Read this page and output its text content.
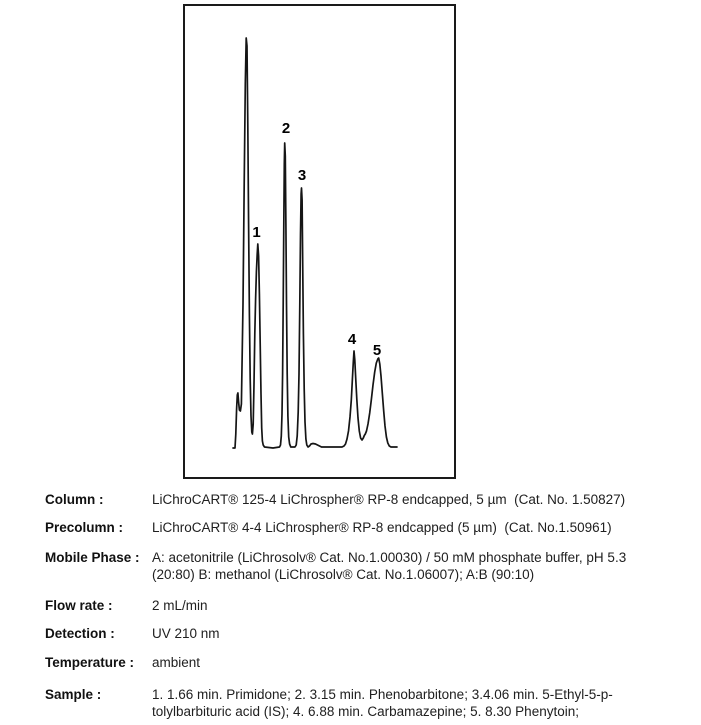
1
2
3
4
5
Column :	LiChroCART® 125-4 LiChrospher® RP-8 endcapped, 5 µm  (Cat. No. 1.50827)
Precolumn :	LiChroCART® 4-4 LiChrospher® RP-8 endcapped (5 µm)  (Cat. No.1.50961)
Mobile Phase : A: acetonitrile (LiChrosolv® Cat. No.1.00030) / 50 mM phosphate buffer, pH 5.3
(20:80) B: methanol (LiChrosolv® Cat. No.1.06007); A:B (90:10)
Flow rate :	2 mL/min
Detection :	UV 210 nm
Temperature :	ambient
Sample :	1. 1.66 min. Primidone; 2. 3.15 min. Phenobarbitone; 3.4.06 min. 5-Ethyl-5-p-
tolylbarbituric acid (IS); 4. 6.88 min. Carbamazepine; 5. 8.30 Phenytoin;
